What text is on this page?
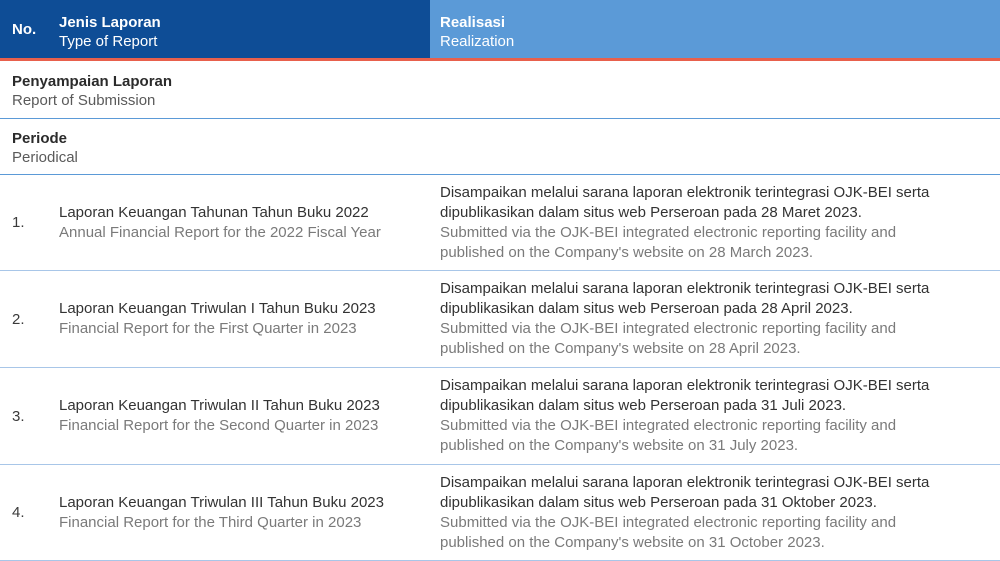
No. Jenis Laporan
Type of Report
Realisasi
Realization
Penyampaian Laporan
Report of Submission
Periode
Periodical
1.
Laporan Keuangan Tahunan Tahun Buku 2022
Annual Financial Report for the 2022 Fiscal Year
Disampaikan melalui sarana laporan elektronik terintegrasi OJK-BEI serta
dipublikasikan dalam situs web Perseroan pada 28 Maret 2023.
Submitted via the OJK-BEI integrated electronic reporting facility and
published on the Company's website on 28 March 2023.
2.
Laporan Keuangan Triwulan I Tahun Buku 2023
Financial Report for the First Quarter in 2023
Disampaikan melalui sarana laporan elektronik terintegrasi OJK-BEI serta
dipublikasikan dalam situs web Perseroan pada 28 April 2023.
Submitted via the OJK-BEI integrated electronic reporting facility and
published on the Company's website on 28 April 2023.
3.
Laporan Keuangan Triwulan II Tahun Buku 2023
Financial Report for the Second Quarter in 2023
Disampaikan melalui sarana laporan elektronik terintegrasi OJK-BEI serta
dipublikasikan dalam situs web Perseroan pada 31 Juli 2023.
Submitted via the OJK-BEI integrated electronic reporting facility and
published on the Company's website on 31 July 2023.
4.
Laporan Keuangan Triwulan III Tahun Buku 2023
Financial Report for the Third Quarter in 2023
Disampaikan melalui sarana laporan elektronik terintegrasi OJK-BEI serta
dipublikasikan dalam situs web Perseroan pada 31 Oktober 2023.
Submitted via the OJK-BEI integrated electronic reporting facility and
published on the Company's website on 31 October 2023.
